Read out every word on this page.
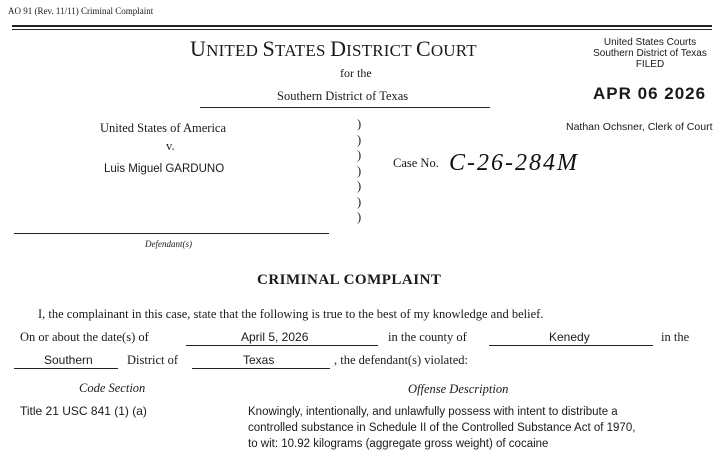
AO 91 (Rev. 11/11) Criminal Complaint
UNITED STATES DISTRICT COURT
for the
Southern District of Texas
United States Courts
Southern District of Texas
FILED
APR 06 2026
Nathan Ochsner, Clerk of Court
United States of America
v.
Luis Miguel GARDUNO
)
)
)
)
)
)
)
Case No. C-26-284M
Defendant(s)
CRIMINAL COMPLAINT
I, the complainant in this case, state that the following is true to the best of my knowledge and belief.
On or about the date(s) of	April 5, 2026	in the county of	Kenedy	in the
Southern	District of	Texas	, the defendant(s) violated:
Code Section	Offense Description
Title 21 USC 841 (1) (a)	Knowingly, intentionally, and unlawfully possess with intent to distribute a
controlled substance in Schedule II of the Controlled Substance Act of 1970,
to wit: 10.92 kilograms (aggregate gross weight) of cocaine
